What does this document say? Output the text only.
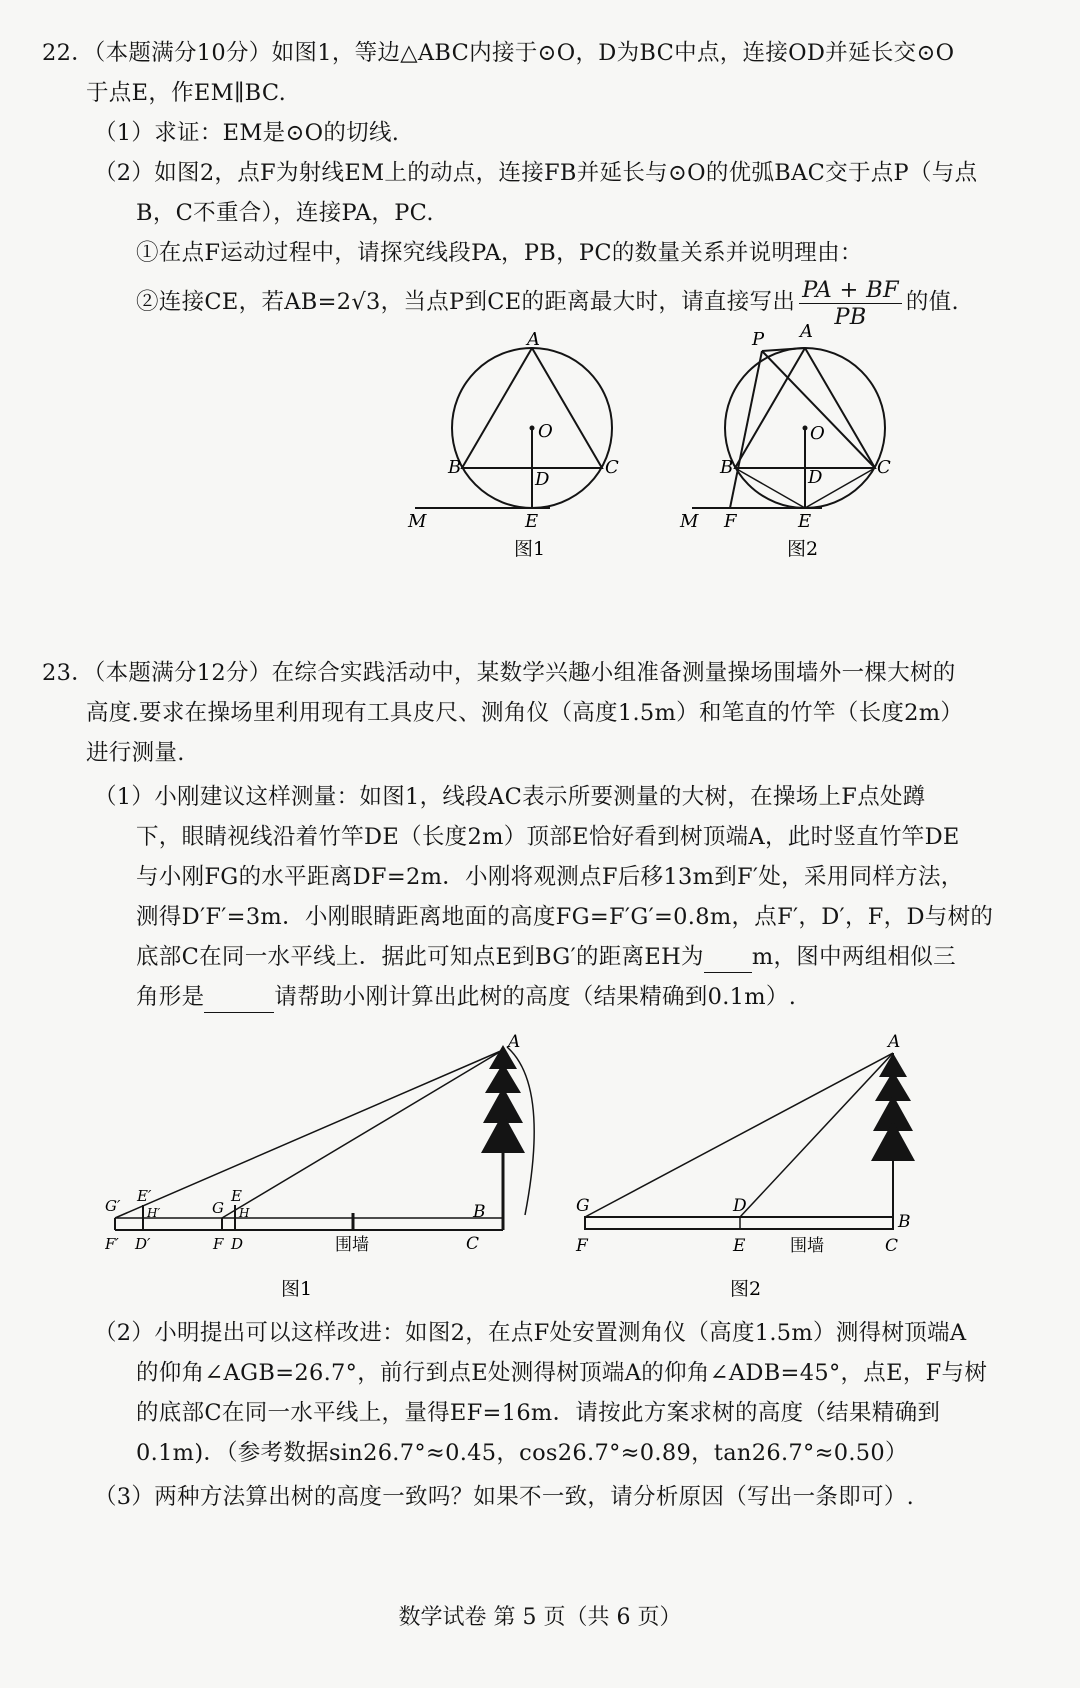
22．（本题满分10分）如图1，等边△ABC内接于⊙O，D为BC中点，连接OD并延长交⊙O
于点E，作EM∥BC.
（1）求证：EM是⊙O的切线.
（2）如图2，点F为射线EM上的动点，连接FB并延长与⊙O的优弧BAC交于点P（与点
B，C不重合），连接PA，PC.
①在点F运动过程中，请探究线段PA，PB，PC的数量关系并说明理由：
②连接CE，若AB=2√3，当点P到CE的距离最大时，请直接写出 $\frac{PA + BF}{PB}$ 的值.
A
O
B	C
D
E
M
图1
A
P
O
B	C
D
E
M F
图2
23．（本题满分12分）在综合实践活动中，某数学兴趣小组准备测量操场围墙外一棵大树的
高度.要求在操场里利用现有工具皮尺、测角仪（高度1.5m）和笔直的竹竿（长度2m）
进行测量.
（1）小刚建议这样测量：如图1，线段AC表示所要测量的大树，在操场上F点处蹲
下，眼睛视线沿着竹竿DE（长度2m）顶部E恰好看到树顶端A，此时竖直竹竿DE
与小刚FG的水平距离DF=2m．小刚将观测点F后移13m到F′处，采用同样方法，
测得D′F′=3m．小刚眼睛距离地面的高度FG=F′G′=0.8m，点F′，D′，F，D与树的
底部C在同一水平线上．据此可知点E到BG′的距离EH为 m，图中两组相似三
角形是	请帮助小刚计算出此树的高度（结果精确到0.1m）.
A
B
C
G′
E′
H′
F′ D′
G
E
H
F D	围墙
图1
A
G	D
B
F	E	C
围墙
图2
（2）小明提出可以这样改进：如图2，在点F处安置测角仪（高度1.5m）测得树顶端A
的仰角∠AGB=26.7°，前行到点E处测得树顶端A的仰角∠ADB=45°，点E，F与树
的底部C在同一水平线上，量得EF=16m．请按此方案求树的高度（结果精确到
0.1m)．（参考数据sin26.7°≈0.45，cos26.7°≈0.89，tan26.7°≈0.50）
（3）两种方法算出树的高度一致吗？如果不一致，请分析原因（写出一条即可）.
数学试卷 第 5 页（共 6 页）
